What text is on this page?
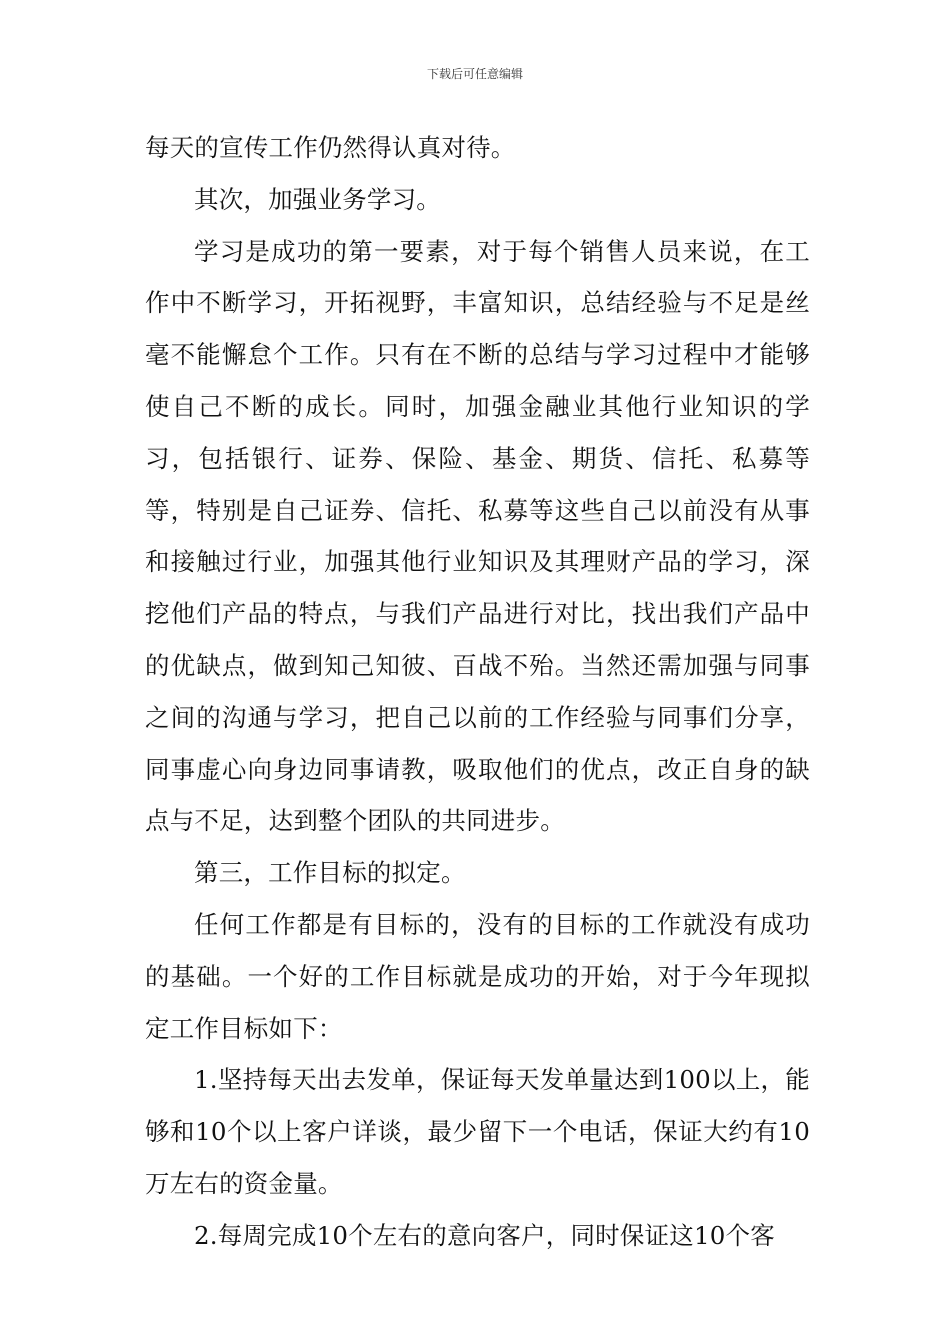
下载后可任意编辑

每天的宣传工作仍然得认真对待。

其次，加强业务学习。

学习是成功的第一要素，对于每个销售人员来说，在工作中不断学习，开拓视野，丰富知识，总结经验与不足是丝毫不能懈怠个工作。只有在不断的总结与学习过程中才能够使自己不断的成长。同时，加强金融业其他行业知识的学习，包括银行、证券、保险、基金、期货、信托、私募等等，特别是自己证券、信托、私募等这些自己以前没有从事和接触过行业，加强其他行业知识及其理财产品的学习，深挖他们产品的特点，与我们产品进行对比，找出我们产品中的优缺点，做到知己知彼、百战不殆。当然还需加强与同事之间的沟通与学习，把自己以前的工作经验与同事们分享，同事虚心向身边同事请教，吸取他们的优点，改正自身的缺点与不足，达到整个团队的共同进步。

第三，工作目标的拟定。

任何工作都是有目标的，没有的目标的工作就没有成功的基础。一个好的工作目标就是成功的开始，对于今年现拟定工作目标如下：

1.坚持每天出去发单，保证每天发单量达到100以上，能够和10个以上客户详谈，最少留下一个电话，保证大约有10万左右的资金量。

2.每周完成10个左右的意向客户，同时保证这10个客
